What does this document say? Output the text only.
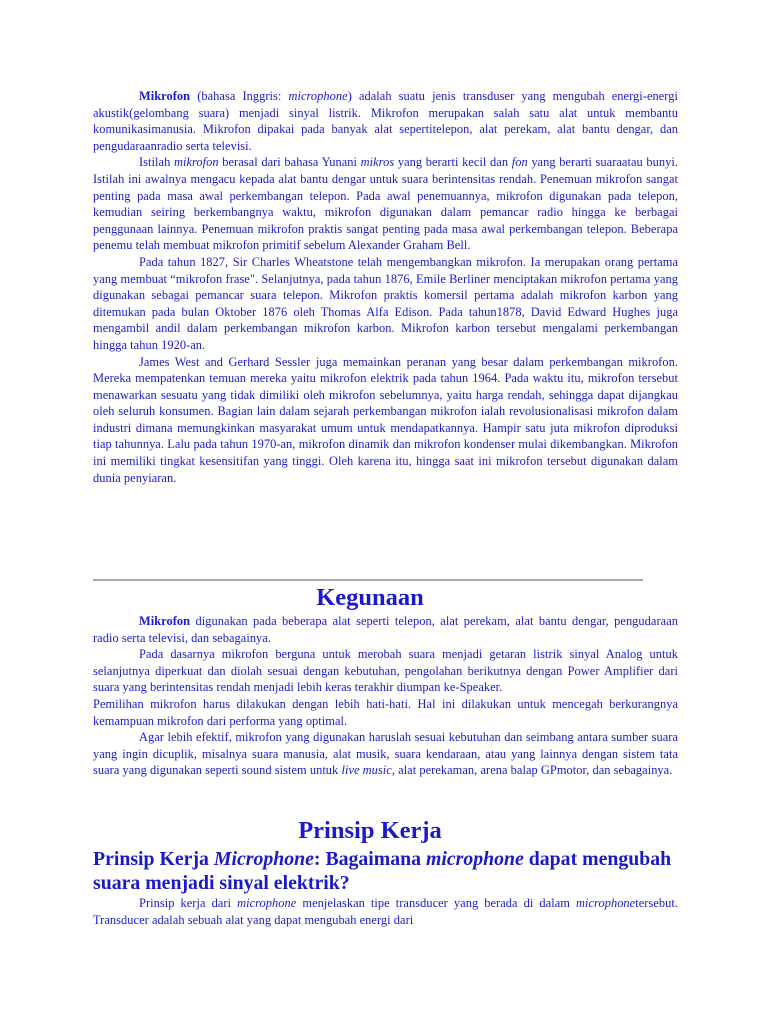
Mikrofon (bahasa Inggris: microphone) adalah suatu jenis transduser yang mengubah energi-energi akustik(gelombang suara) menjadi sinyal listrik. Mikrofon merupakan salah satu alat untuk membantu komunikasimanusia. Mikrofon dipakai pada banyak alat sepertitelepon, alat perekam, alat bantu dengar, dan pengudaraanradio serta televisi.

Istilah mikrofon berasal dari bahasa Yunani mikros yang berarti kecil dan fon yang berarti suaraatau bunyi. Istilah ini awalnya mengacu kepada alat bantu dengar untuk suara berintensitas rendah. Penemuan mikrofon sangat penting pada masa awal perkembangan telepon. Pada awal penemuannya, mikrofon digunakan pada telepon, kemudian seiring berkembangnya waktu, mikrofon digunakan dalam pemancar radio hingga ke berbagai penggunaan lainnya. Penemuan mikrofon praktis sangat penting pada masa awal perkembangan telepon. Beberapa penemu telah membuat mikrofon primitif sebelum Alexander Graham Bell.

Pada tahun 1827, Sir Charles Wheatstone telah mengembangkan mikrofon. Ia merupakan orang pertama yang membuat “mikrofon frase". Selanjutnya, pada tahun 1876, Emile Berliner menciptakan mikrofon pertama yang digunakan sebagai pemancar suara telepon. Mikrofon praktis komersil pertama adalah mikrofon karbon yang ditemukan pada bulan Oktober 1876 oleh Thomas Alfa Edison. Pada tahun1878, David Edward Hughes juga mengambil andil dalam perkembangan mikrofon karbon. Mikrofon karbon tersebut mengalami perkembangan hingga tahun 1920-an.

James West and Gerhard Sessler juga memainkan peranan yang besar dalam perkembangan mikrofon. Mereka mempatenkan temuan mereka yaitu mikrofon elektrik pada tahun 1964. Pada waktu itu, mikrofon tersebut menawarkan sesuatu yang tidak dimiliki oleh mikrofon sebelumnya, yaitu harga rendah, sehingga dapat dijangkau oleh seluruh konsumen. Bagian lain dalam sejarah perkembangan mikrofon ialah revolusionalisasi mikrofon dalam industri dimana memungkinkan masyarakat umum untuk mendapatkannya. Hampir satu juta mikrofon diproduksi tiap tahunnya. Lalu pada tahun 1970-an, mikrofon dinamik dan mikrofon kondenser mulai dikembangkan. Mikrofon ini memiliki tingkat kesensitifan yang tinggi. Oleh karena itu, hingga saat ini mikrofon tersebut digunakan dalam dunia penyiaran.

Kegunaan

Mikrofon digunakan pada beberapa alat seperti telepon, alat perekam, alat bantu dengar, pengudaraan radio serta televisi, dan sebagainya.

Pada dasarnya mikrofon berguna untuk merobah suara menjadi getaran listrik sinyal Analog untuk selanjutnya diperkuat dan diolah sesuai dengan kebutuhan, pengolahan berikutnya dengan Power Amplifier dari suara yang berintensitas rendah menjadi lebih keras terakhir diumpan ke-Speaker.

Pemilihan mikrofon harus dilakukan dengan lebih hati-hati. Hal ini dilakukan untuk mencegah berkurangnya kemampuan mikrofon dari performa yang optimal.

Agar lebih efektif, mikrofon yang digunakan haruslah sesuai kebutuhan dan seimbang antara sumber suara yang ingin dicuplik, misalnya suara manusia, alat musik, suara kendaraan, atau yang lainnya dengan sistem tata suara yang digunakan seperti sound sistem untuk live music, alat perekaman, arena balap GPmotor, dan sebagainya.

Prinsip Kerja
Prinsip Kerja Microphone: Bagaimana microphone dapat mengubah suara menjadi sinyal elektrik?

Prinsip kerja dari microphone menjelaskan tipe transducer yang berada di dalam microphonetersebut. Transducer adalah sebuah alat yang dapat mengubah energi dari
